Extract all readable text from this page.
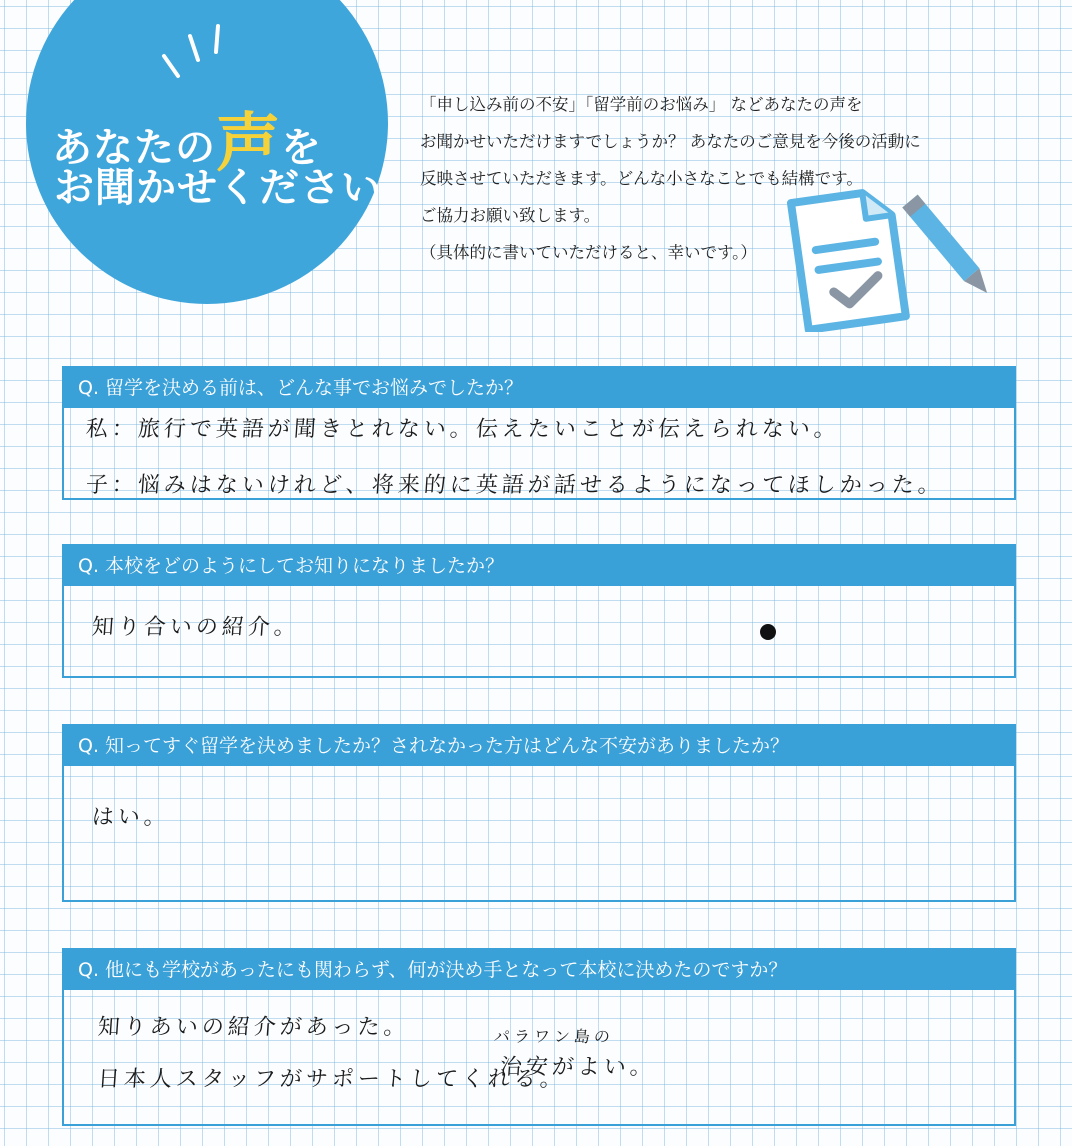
あなたの声を
お聞かせください
「申し込み前の不安」「留学前のお悩み」 などあなたの声を
お聞かせいただけますでしょうか？ あなたのご意見を今後の活動に
反映させていただきます。どんな小さなことでも結構です。
ご協力お願い致します。
（具体的に書いていただけると、幸いです。）
Q. 留学を決める前は、どんな事でお悩みでしたか？
私：旅行で英語が聞きとれない。伝えたいことが伝えられない。
子：悩みはないけれど、将来的に英語が話せるようになってほしかった。
Q. 本校をどのようにしてお知りになりましたか？
知り合いの紹介。
Q. 知ってすぐ留学を決めましたか？されなかった方はどんな不安がありましたか？
はい。
Q. 他にも学校があったにも関わらず、何が決め手となって本校に決めたのですか？
知りあいの紹介があった。
日本人スタッフがサポートしてくれる。
パラワン島の
治安がよい。
